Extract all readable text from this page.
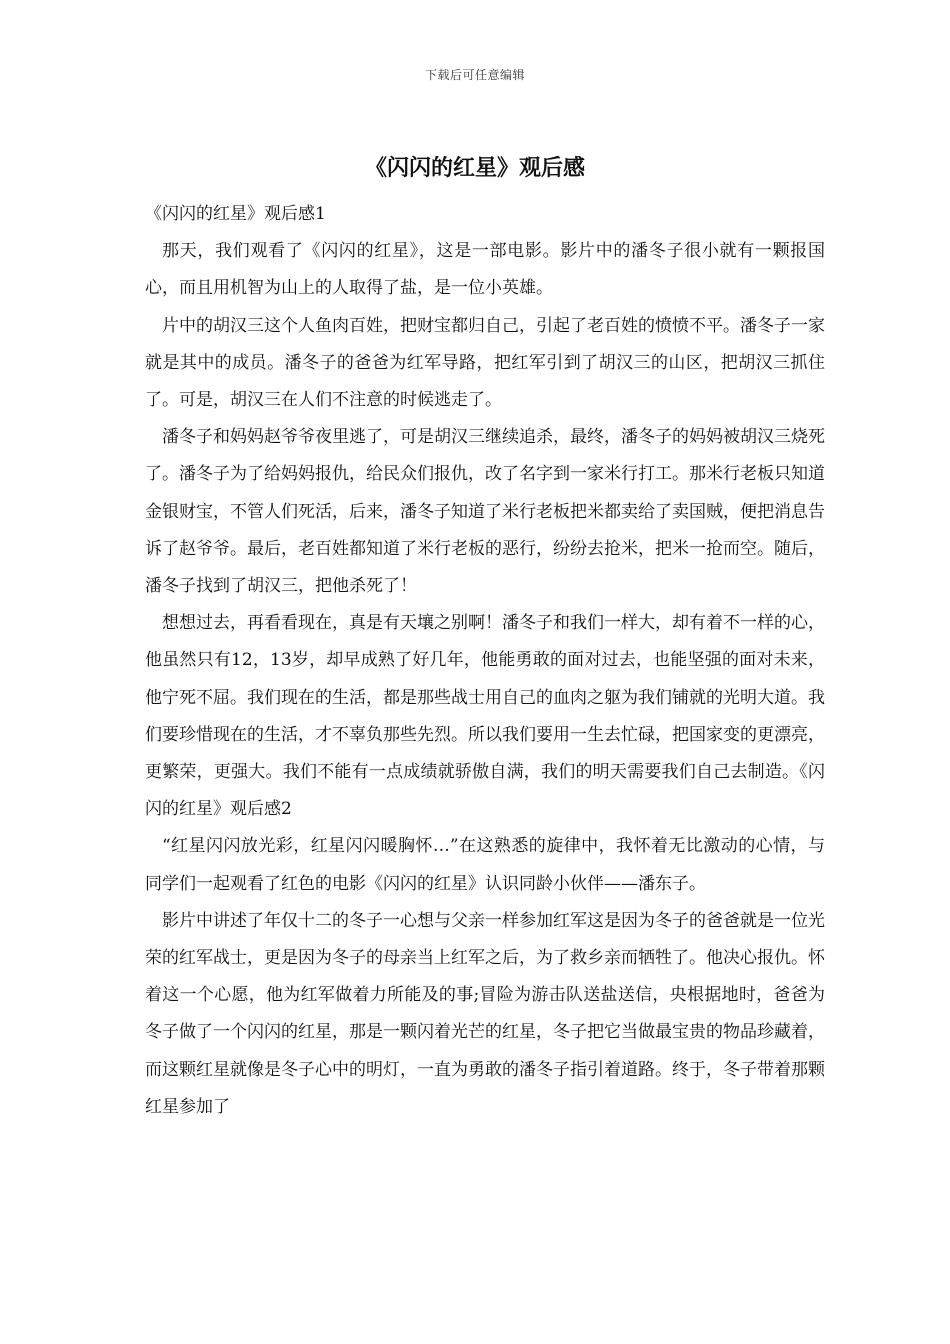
下载后可任意编辑
《闪闪的红星》观后感

《闪闪的红星》观后感1

那天，我们观看了《闪闪的红星》，这是一部电影。影片中的潘冬子很小就有一颗报国心，而且用机智为山上的人取得了盐，是一位小英雄。

片中的胡汉三这个人鱼肉百姓，把财宝都归自己，引起了老百姓的愤愤不平。潘冬子一家就是其中的成员。潘冬子的爸爸为红军导路，把红军引到了胡汉三的山区，把胡汉三抓住了。可是，胡汉三在人们不注意的时候逃走了。

潘冬子和妈妈赵爷爷夜里逃了，可是胡汉三继续追杀，最终，潘冬子的妈妈被胡汉三烧死了。潘冬子为了给妈妈报仇，给民众们报仇，改了名字到一家米行打工。那米行老板只知道金银财宝，不管人们死活，后来，潘冬子知道了米行老板把米都卖给了卖国贼，便把消息告诉了赵爷爷。最后，老百姓都知道了米行老板的恶行，纷纷去抢米，把米一抢而空。随后，潘冬子找到了胡汉三，把他杀死了！

想想过去，再看看现在，真是有天壤之别啊！潘冬子和我们一样大，却有着不一样的心，他虽然只有12，13岁，却早成熟了好几年，他能勇敢的面对过去，也能坚强的面对未来，他宁死不屈。我们现在的生活，都是那些战士用自己的血肉之躯为我们铺就的光明大道。我们要珍惜现在的生活，才不辜负那些先烈。所以我们要用一生去忙碌，把国家变的更漂亮，更繁荣，更强大。我们不能有一点成绩就骄傲自满，我们的明天需要我们自己去制造。《闪闪的红星》观后感2

“红星闪闪放光彩，红星闪闪暖胸怀…”在这熟悉的旋律中，我怀着无比激动的心情，与同学们一起观看了红色的电影《闪闪的红星》认识同龄小伙伴——潘东子。

影片中讲述了年仅十二的冬子一心想与父亲一样参加红军这是因为冬子的爸爸就是一位光荣的红军战士，更是因为冬子的母亲当上红军之后，为了救乡亲而牺牲了。他决心报仇。怀着这一个心愿，他为红军做着力所能及的事;冒险为游击队送盐送信，央根据地时，爸爸为冬子做了一个闪闪的红星，那是一颗闪着光芒的红星，冬子把它当做最宝贵的物品珍藏着，而这颗红星就像是冬子心中的明灯，一直为勇敢的潘冬子指引着道路。终于，冬子带着那颗红星参加了
